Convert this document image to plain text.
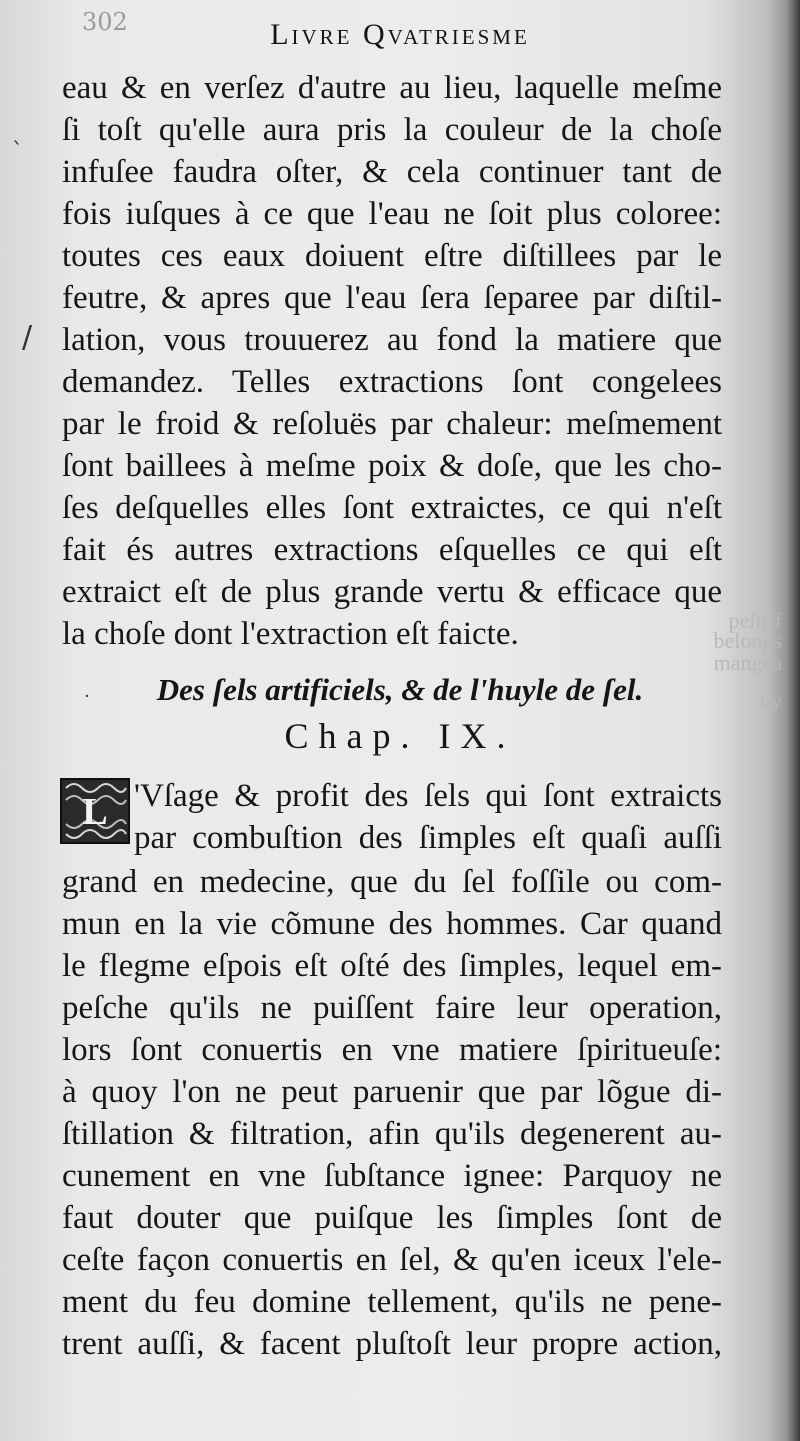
302	Livre Qvatriesme
peſtiff
belongs
mangea
uy
ˎ
/
·
eau & en verſez d'autre au lieu, laquelle meſme
ſi toſt qu'elle aura pris la couleur de la choſe
infuſee faudra oſter, & cela continuer tant de
fois iuſques à ce que l'eau ne ſoit plus coloree:
toutes ces eaux doiuent eſtre diſtillees par le
feutre, & apres que l'eau ſera ſeparee par diſtil-
lation, vous trouuerez au fond la matiere que
demandez. Telles extractions ſont congelees
par le froid & reſoluës par chaleur: meſmement
ſont baillees à meſme poix & doſe, que les cho-
ſes deſquelles elles ſont extraictes, ce qui n'eſt
fait és autres extractions eſquelles ce qui eſt
extraict eſt de plus grande vertu & efficace que
la choſe dont l'extraction eſt faicte.
Des ſels artificiels, & de l'huyle de ſel.
Chap. IX.
L 'Vſage & profit des ſels qui ſont extraicts
par combuſtion des ſimples eſt quaſi auſſi
grand en medecine, que du ſel foſſile ou com-
mun en la vie cõmune des hommes. Car quand
le flegme eſpois eſt oſté des ſimples, lequel em-
peſche qu'ils ne puiſſent faire leur operation,
lors ſont conuertis en vne matiere ſpiritueuſe:
à quoy l'on ne peut paruenir que par lõgue di-
ſtillation & filtration, afin qu'ils degenerent au-
cunement en vne ſubſtance ignee: Parquoy ne
faut douter que puiſque les ſimples ſont de
ceſte façon conuertis en ſel, & qu'en iceux l'ele-
ment du feu domine tellement, qu'ils ne pene-
trent auſſi, & facent pluſtoſt leur propre action,
